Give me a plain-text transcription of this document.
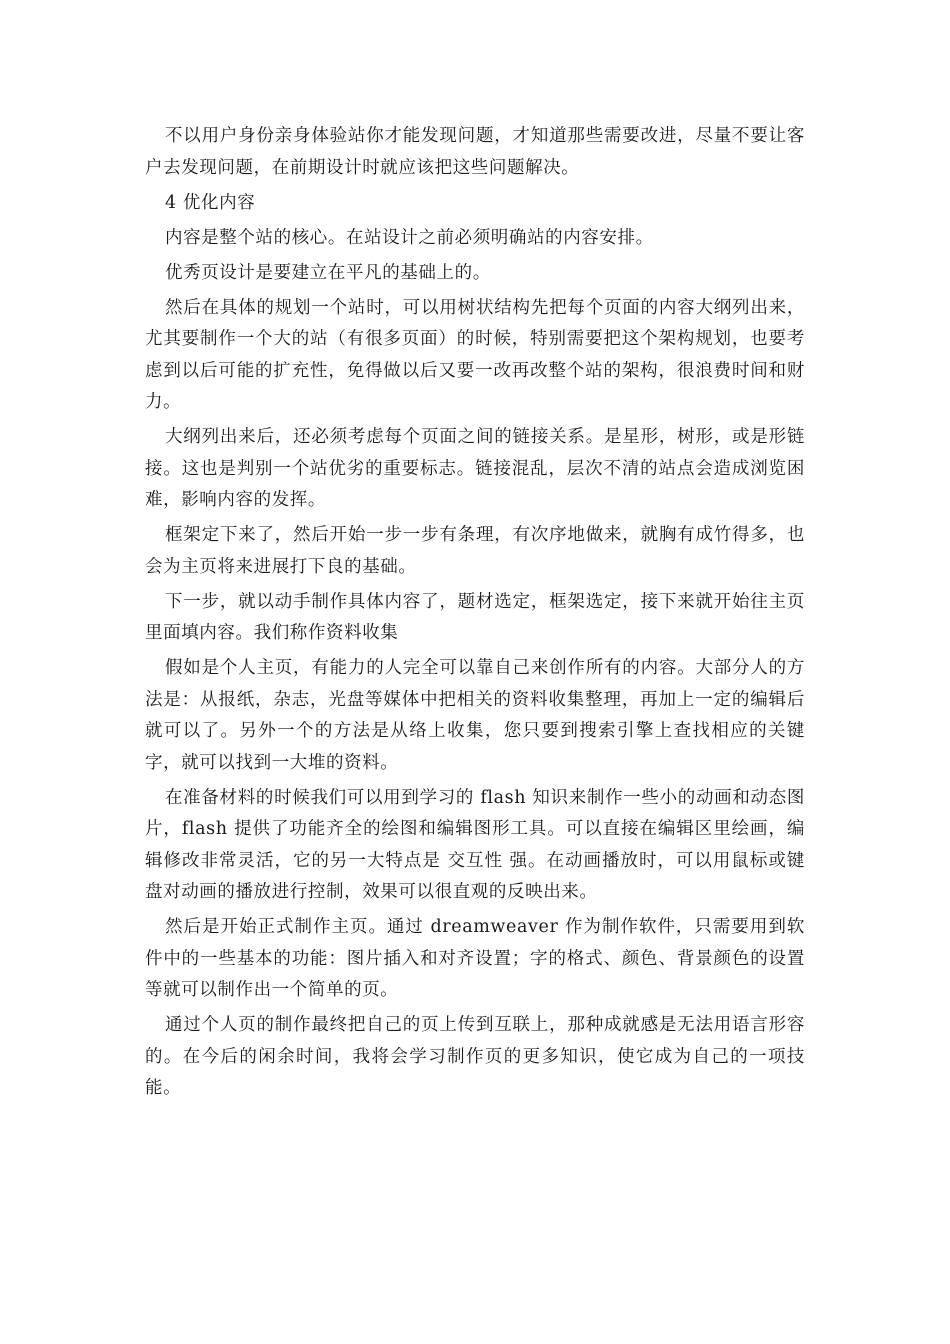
不以用户身份亲身体验站你才能发现问题，才知道那些需要改进，尽量不要让客户去发现问题，在前期设计时就应该把这些问题解决。

4 优化内容

内容是整个站的核心。在站设计之前必须明确站的内容安排。

优秀页设计是要建立在平凡的基础上的。

然后在具体的规划一个站时，可以用树状结构先把每个页面的内容大纲列出来，尤其要制作一个大的站（有很多页面）的时候，特别需要把这个架构规划，也要考虑到以后可能的扩充性，免得做以后又要一改再改整个站的架构，很浪费时间和财力。

大纲列出来后，还必须考虑每个页面之间的链接关系。是星形，树形，或是形链接。这也是判别一个站优劣的重要标志。链接混乱，层次不清的站点会造成浏览困难，影响内容的发挥。

框架定下来了，然后开始一步一步有条理，有次序地做来，就胸有成竹得多，也会为主页将来进展打下良的基础。

下一步，就以动手制作具体内容了，题材选定，框架选定，接下来就开始往主页里面填内容。我们称作资料收集

假如是个人主页，有能力的人完全可以靠自己来创作所有的内容。大部分人的方法是：从报纸，杂志，光盘等媒体中把相关的资料收集整理，再加上一定的编辑后就可以了。另外一个的方法是从络上收集，您只要到搜索引擎上查找相应的关键字，就可以找到一大堆的资料。

在准备材料的时候我们可以用到学习的 flash 知识来制作一些小的动画和动态图片，flash 提供了功能齐全的绘图和编辑图形工具。可以直接在编辑区里绘画，编辑修改非常灵活，它的另一大特点是 交互性 强。在动画播放时，可以用鼠标或键盘对动画的播放进行控制，效果可以很直观的反映出来。

然后是开始正式制作主页。通过 dreamweaver 作为制作软件，只需要用到软件中的一些基本的功能：图片插入和对齐设置；字的格式、颜色、背景颜色的设置等就可以制作出一个简单的页。

通过个人页的制作最终把自己的页上传到互联上，那种成就感是无法用语言形容的。在今后的闲余时间，我将会学习制作页的更多知识，使它成为自己的一项技能。
